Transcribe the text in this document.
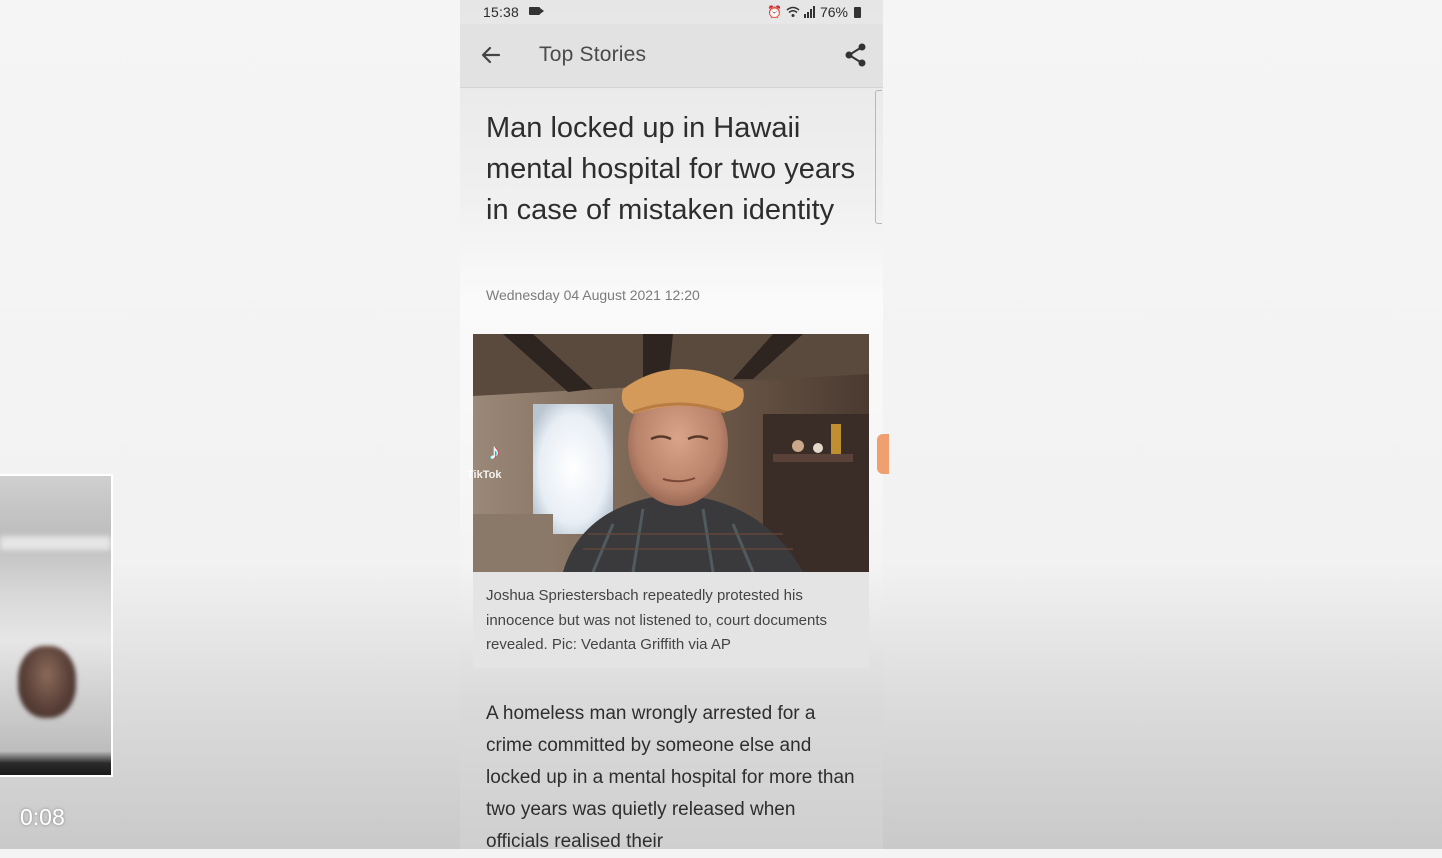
15:38	⏰	76%
Top Stories
Man locked up in Hawaii mental hospital for two years in case of mistaken identity
Wednesday 04 August 2021 12:20
♪
TikTok

Joshua Spriestersbach repeatedly protested his innocence but was not listened to, court documents revealed. Pic: Vedanta Griffith via AP

A homeless man wrongly arrested for a crime committed by someone else and locked up in a mental hospital for more than two years was quietly released when officials realised their

0:08
